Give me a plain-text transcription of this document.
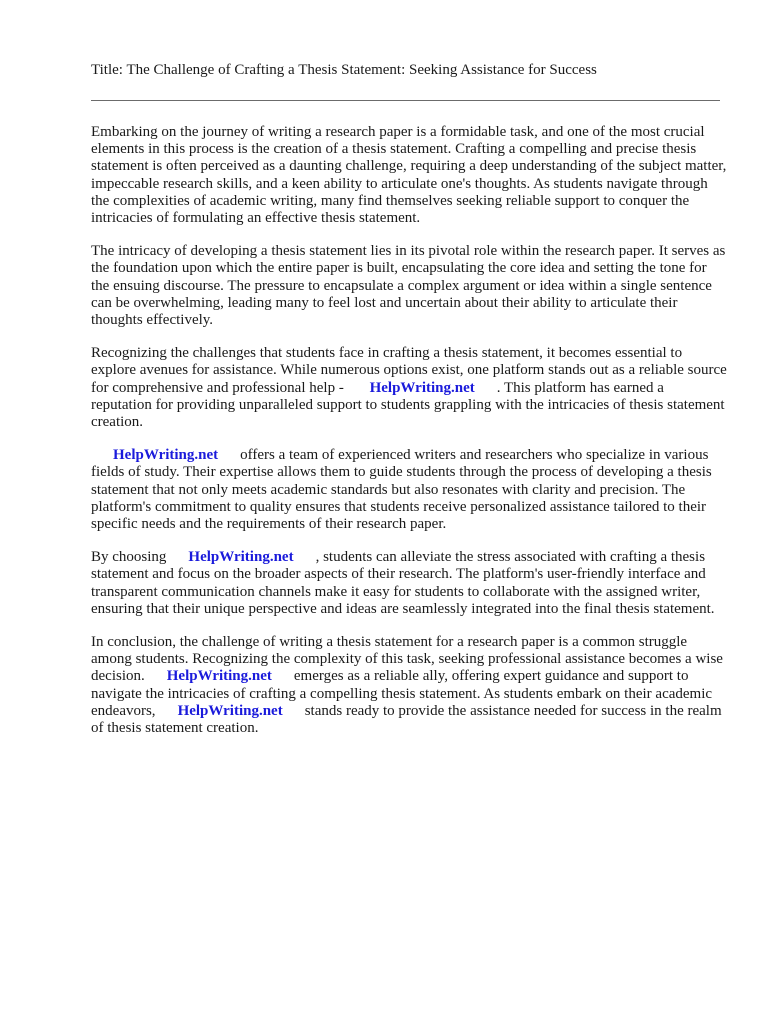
Title: The Challenge of Crafting a Thesis Statement: Seeking Assistance for Success

Embarking on the journey of writing a research paper is a formidable task, and one of the most crucial elements in this process is the creation of a thesis statement. Crafting a compelling and precise thesis statement is often perceived as a daunting challenge, requiring a deep understanding of the subject matter, impeccable research skills, and a keen ability to articulate one's thoughts. As students navigate through the complexities of academic writing, many find themselves seeking reliable support to conquer the intricacies of formulating an effective thesis statement.

The intricacy of developing a thesis statement lies in its pivotal role within the research paper. It serves as the foundation upon which the entire paper is built, encapsulating the core idea and setting the tone for the ensuing discourse. The pressure to encapsulate a complex argument or idea within a single sentence can be overwhelming, leading many to feel lost and uncertain about their ability to articulate their thoughts effectively.

Recognizing the challenges that students face in crafting a thesis statement, it becomes essential to explore avenues for assistance. While numerous options exist, one platform stands out as a reliable source for comprehensive and professional help - HelpWriting.net . This platform has earned a reputation for providing unparalleled support to students grappling with the intricacies of thesis statement creation.

HelpWriting.net offers a team of experienced writers and researchers who specialize in various fields of study. Their expertise allows them to guide students through the process of developing a thesis statement that not only meets academic standards but also resonates with clarity and precision. The platform's commitment to quality ensures that students receive personalized assistance tailored to their specific needs and the requirements of their research paper.

By choosing HelpWriting.net , students can alleviate the stress associated with crafting a thesis statement and focus on the broader aspects of their research. The platform's user-friendly interface and transparent communication channels make it easy for students to collaborate with the assigned writer, ensuring that their unique perspective and ideas are seamlessly integrated into the final thesis statement.

In conclusion, the challenge of writing a thesis statement for a research paper is a common struggle among students. Recognizing the complexity of this task, seeking professional assistance becomes a wise decision. HelpWriting.net emerges as a reliable ally, offering expert guidance and support to navigate the intricacies of crafting a compelling thesis statement. As students embark on their academic endeavors, HelpWriting.net stands ready to provide the assistance needed for success in the realm of thesis statement creation.
